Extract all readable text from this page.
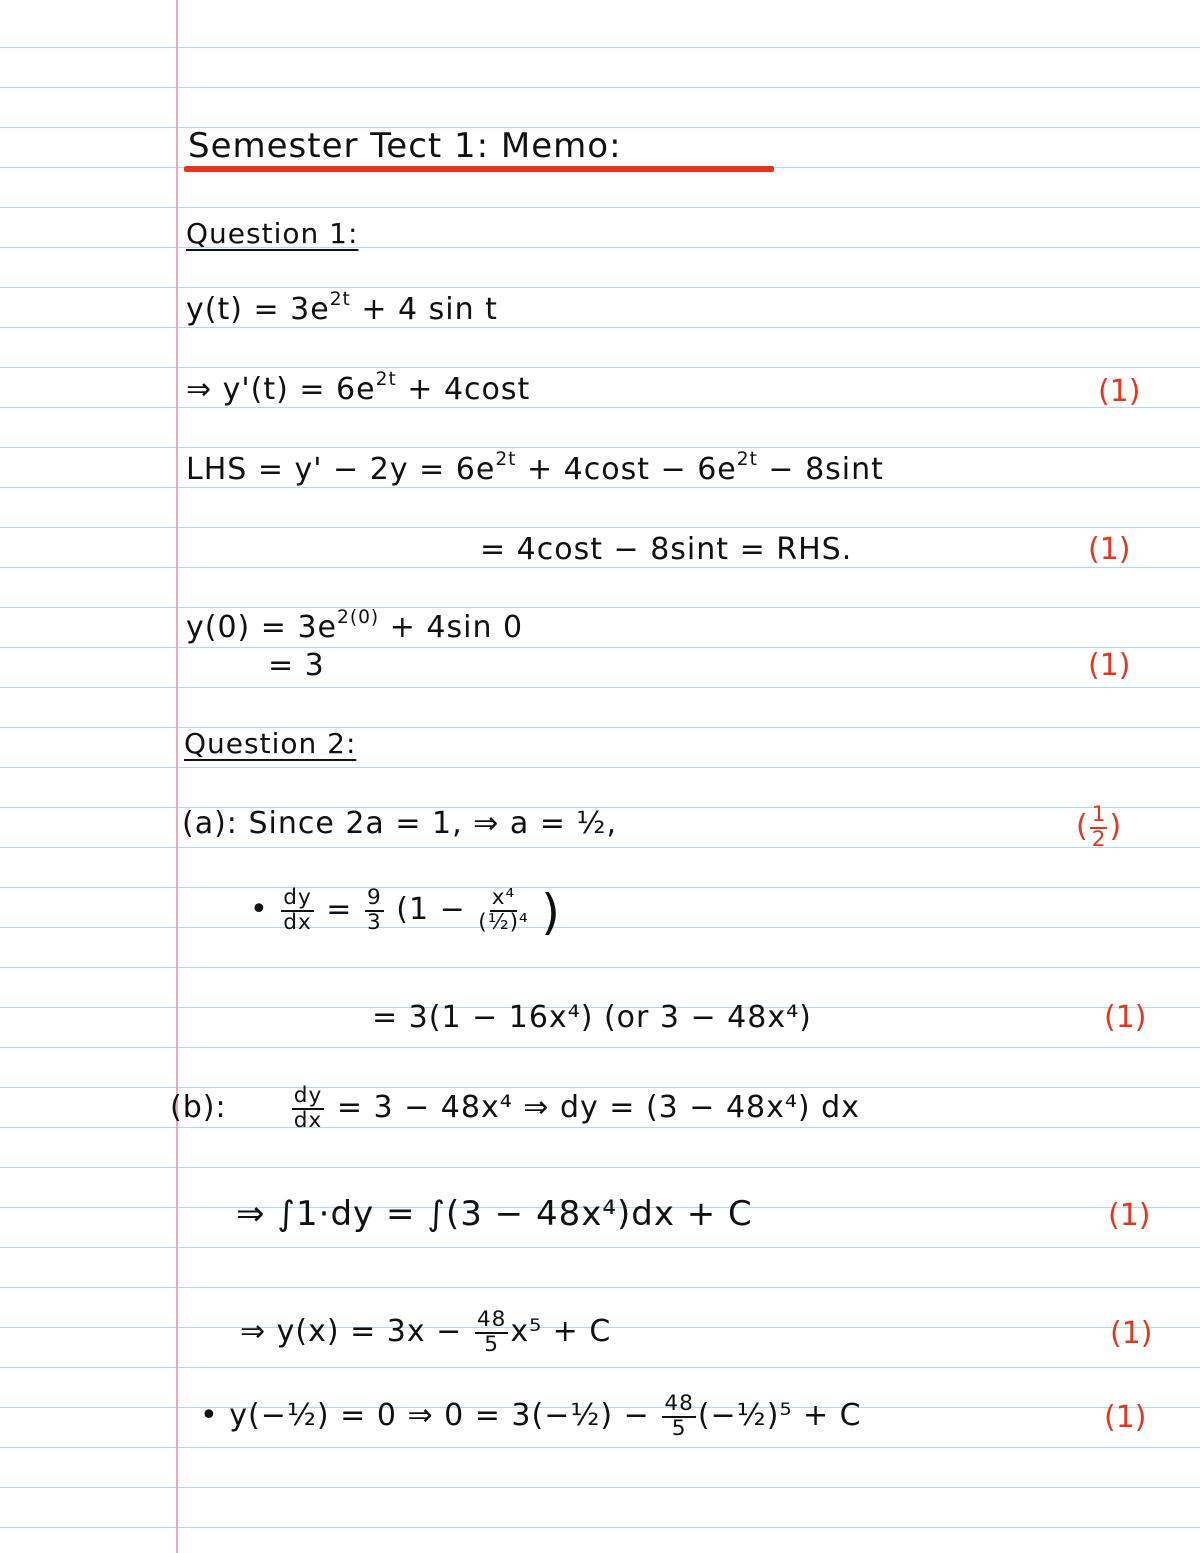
Semester Tect 1: Memo:
Question 1:
$y(t) = 3e^{2t} + 4$ sin t
⇒ $y'(t) = 6e^{2t} + 4\cos t$	(1)
LHS = $y' - 2y = 6e^{2t} + 4\cos t - 6e^{2t} - 8\sin t$
= 4cost − 8sint = RHS.	(1)
$y(0) = 3e^{2(0)} + 4\sin$ 0
= 3	(1)
Question 2:
(a): Since 2a = 1, ⇒ a = ½,	( $\frac{1}{2}$ )
• $\frac{dy}{dx} = \frac{9}{3} (1 - \frac{\text{x⁴}}{\text{(½)⁴}}$ )
= 3(1 − 16x⁴) (or 3 − 48x⁴)	(1)
(b):	$\frac{dy}{dx} = 3 - 48x^4$ ⇒ dy = (3 − 48x⁴) dx
⇒ ∫1·dy = ∫(3 − 48x⁴)dx + C	(1)
⇒ $y(x) = 3x - \frac{48}{5} x^5 + C$	(1)
• y(−½) = 0 ⇒ 0 = 3(−½) − $\frac{48}{5}$ (−½)⁵ + C	(1)
